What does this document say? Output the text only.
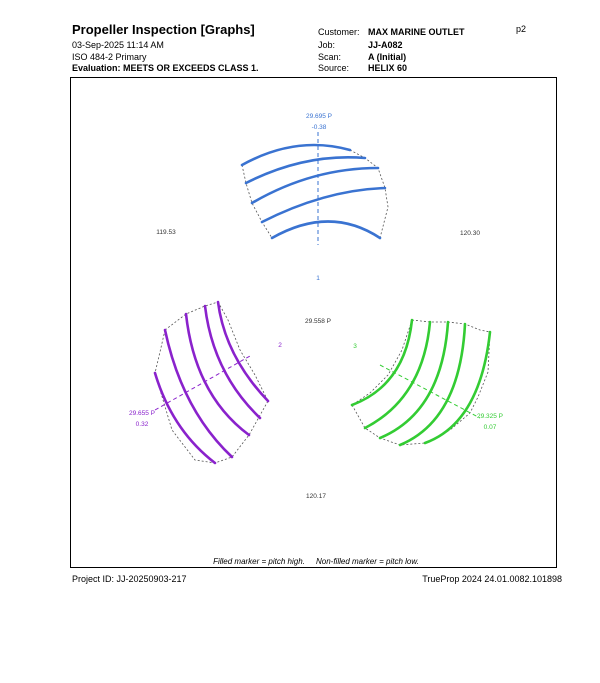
Propeller Inspection [Graphs]
03-Sep-2025 11:14 AM
ISO 484-2 Primary
Evaluation: MEETS OR EXCEEDS CLASS 1.
Customer: MAX MARINE OUTLET
Job:	JJ-A082
Scan:	A (Initial)
Source: HELIX 60
p2
29.695 P
-0.38
1
29.655 P
0.32
2
29.325 P
0.07
3
29.558 P
119.53	120.30
120.17
Filled marker = pitch high.     Non-filled marker = pitch low.
Project ID: JJ-20250903-217	TrueProp 2024 24.01.0082.101898
